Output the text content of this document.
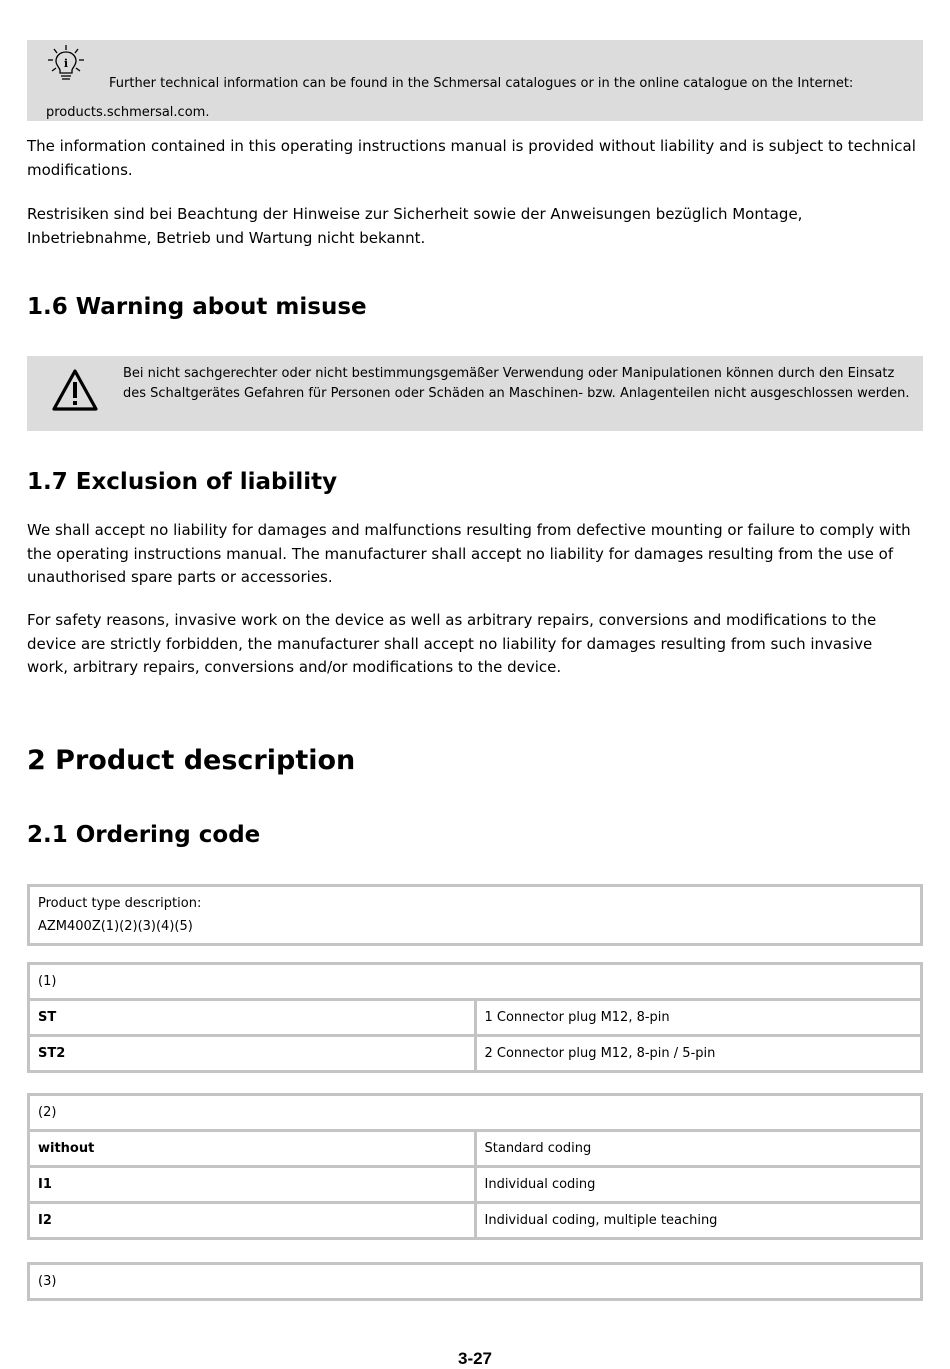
i
Further technical information can be found in the Schmersal catalogues or in the online catalogue on the Internet:
products.schmersal.com.

The information contained in this operating instructions manual is provided without liability and is subject to technical modifications.

Restrisiken sind bei Beachtung der Hinweise zur Sicherheit sowie der Anweisungen bezüglich Montage, Inbetriebnahme, Betrieb und Wartung nicht bekannt.

1.6 Warning about misuse
Bei nicht sachgerechter oder nicht bestimmungsgemäßer Verwendung oder Manipulationen können durch den Einsatz des Schaltgerätes Gefahren für Personen oder Schäden an Maschinen- bzw. Anlagenteilen nicht ausgeschlossen werden.
1.7 Exclusion of liability

We shall accept no liability for damages and malfunctions resulting from defective mounting or failure to comply with the operating instructions manual. The manufacturer shall accept no liability for damages resulting from the use of unauthorised spare parts or accessories.

For safety reasons, invasive work on the device as well as arbitrary repairs, conversions and modifications to the device are strictly forbidden, the manufacturer shall accept no liability for damages resulting from such invasive work, arbitrary repairs, conversions and/or modifications to the device.

2 Product description
2.1 Ordering code
Product type description:
AZM400Z(1)(2)(3)(4)(5)
(1)	
ST	1 Connector plug M12, 8-pin
ST2	2 Connector plug M12, 8-pin / 5-pin
(2)	
without	Standard coding
I1	Individual coding
I2	Individual coding, multiple teaching
(3)
3-27
